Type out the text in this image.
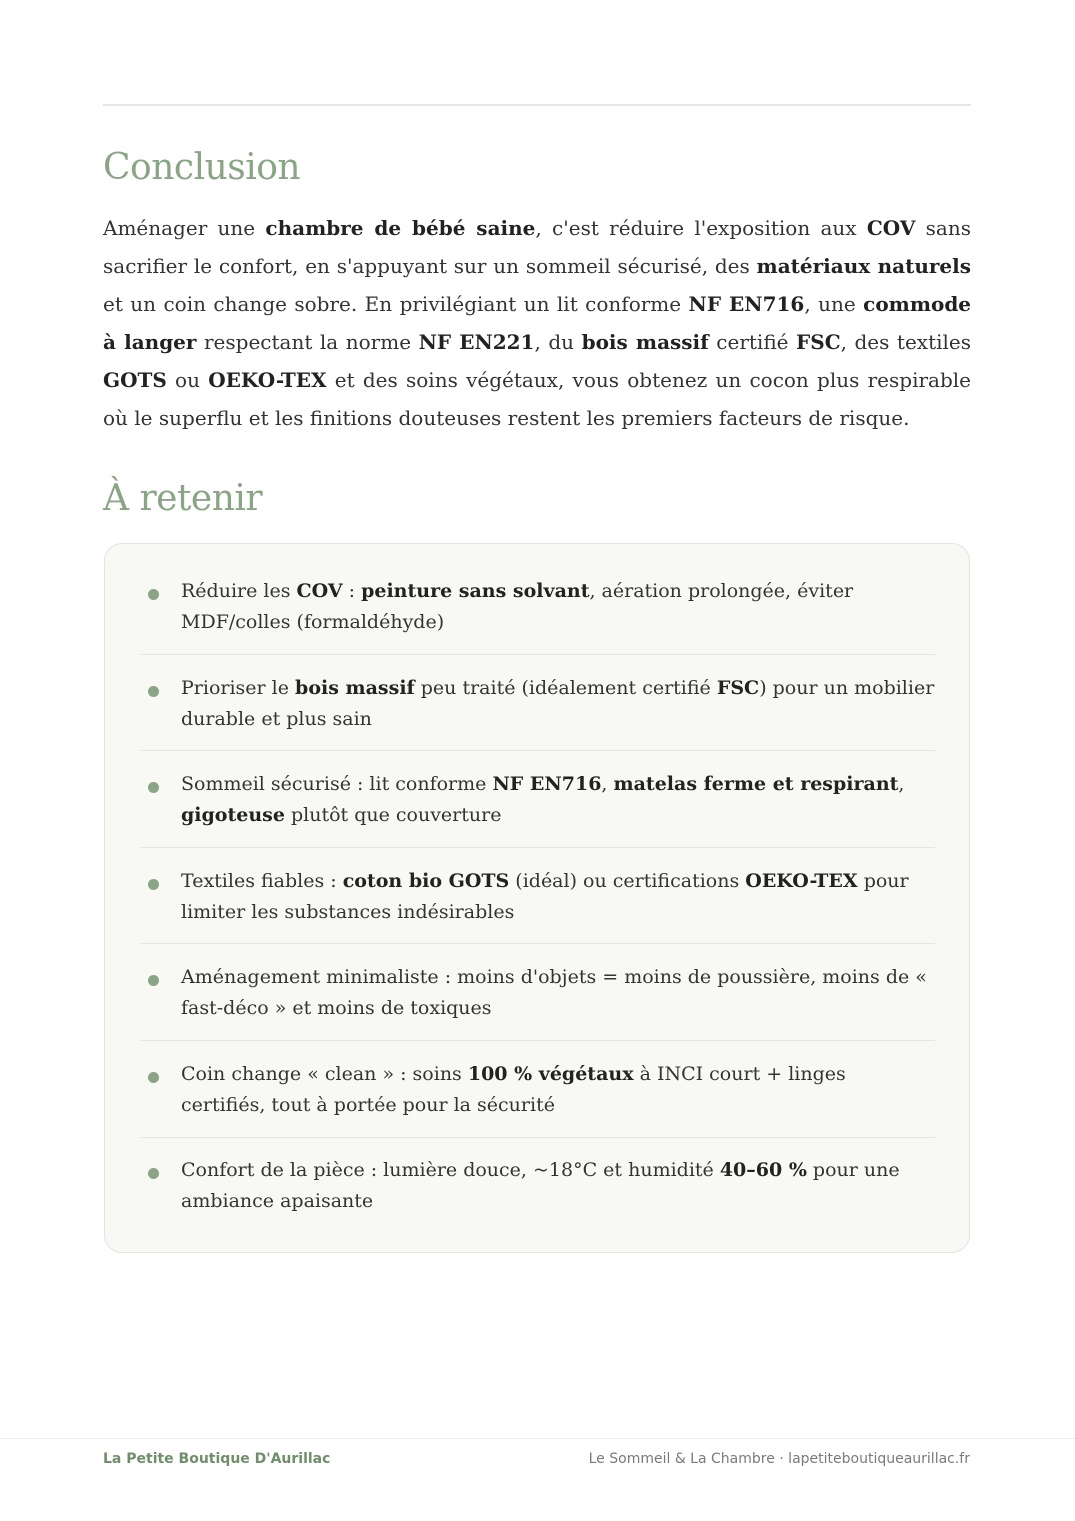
Conclusion

Aménager une chambre de bébé saine, c'est réduire l'exposition aux COV sans sacrifier le confort, en s'appuyant sur un sommeil sécurisé, des matériaux naturels et un coin change sobre. En privilégiant un lit conforme NF EN716, une commode à langer respectant la norme NF EN221, du bois massif certifié FSC, des textiles GOTS ou OEKO-TEX et des soins végétaux, vous obtenez un cocon plus respirable où le superflu et les finitions douteuses restent les premiers facteurs de risque.

À retenir
Réduire les COV : peinture sans solvant, aération prolongée, éviter MDF/colles (formaldéhyde)
Prioriser le bois massif peu traité (idéalement certifié FSC) pour un mobilier durable et plus sain
Sommeil sécurisé : lit conforme NF EN716, matelas ferme et respirant, gigoteuse plutôt que couverture
Textiles fiables : coton bio GOTS (idéal) ou certifications OEKO-TEX pour limiter les substances indésirables
Aménagement minimaliste : moins d'objets = moins de poussière, moins de « fast-déco » et moins de toxiques
Coin change « clean » : soins 100 % végétaux à INCI court + linges certifiés, tout à portée pour la sécurité
Confort de la pièce : lumière douce, ~18°C et humidité 40–60 % pour une ambiance apaisante
La Petite Boutique D'Aurillac	Le Sommeil & La Chambre · lapetiteboutiqueaurillac.fr
